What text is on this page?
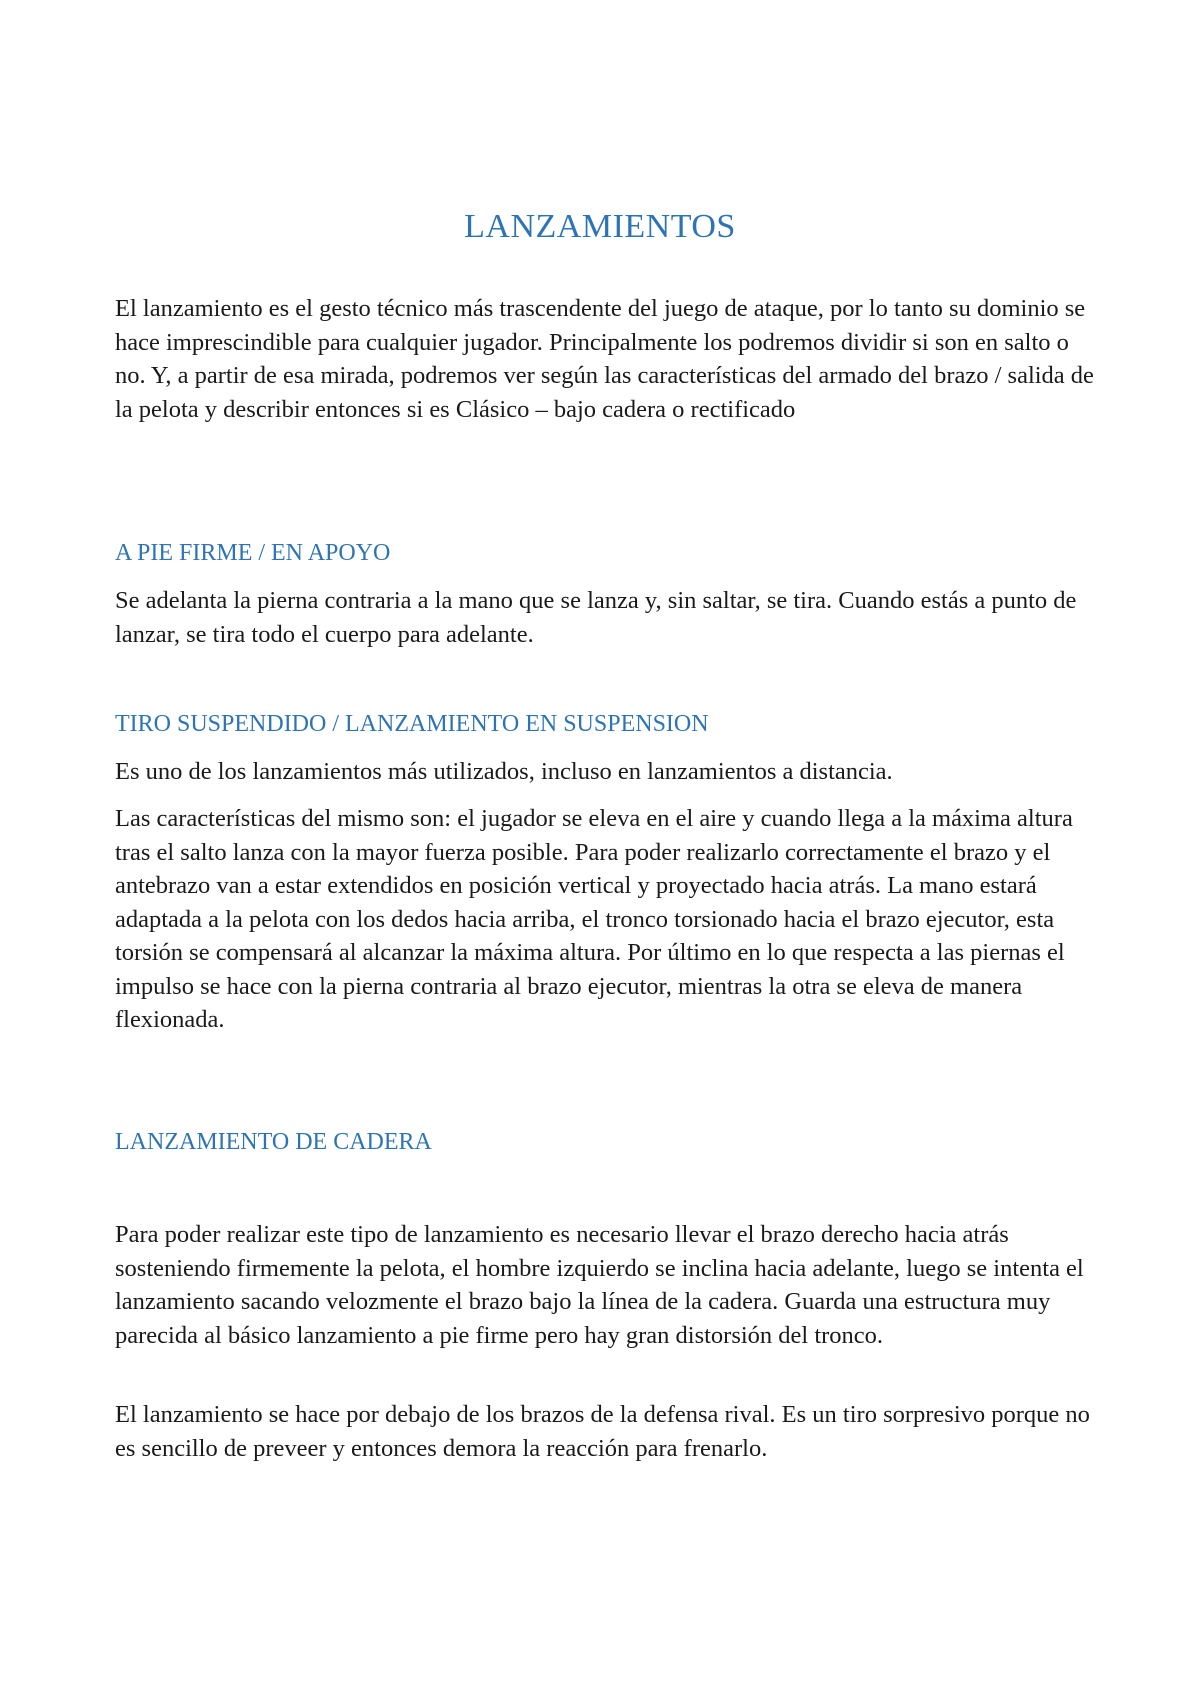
LANZAMIENTOS

El lanzamiento es el gesto técnico más trascendente del juego de ataque, por lo tanto su dominio se hace imprescindible para cualquier jugador. Principalmente los podremos dividir si son en salto o no. Y, a partir de esa mirada, podremos ver según las características del armado del brazo / salida de la pelota y describir entonces si es Clásico – bajo cadera o rectificado

A PIE FIRME / EN APOYO

Se adelanta la pierna contraria a la mano que se lanza y, sin saltar, se tira. Cuando estás a punto de lanzar, se tira todo el cuerpo para adelante.

TIRO SUSPENDIDO / LANZAMIENTO EN SUSPENSION

Es uno de los lanzamientos más utilizados, incluso en lanzamientos a distancia.

Las características del mismo son: el jugador se eleva en el aire y cuando llega a la máxima altura tras el salto lanza con la mayor fuerza posible. Para poder realizarlo correctamente el brazo y el antebrazo van a estar extendidos en posición vertical y proyectado hacia atrás. La mano estará adaptada a la pelota con los dedos hacia arriba, el tronco torsionado hacia el brazo ejecutor, esta torsión se compensará al alcanzar la máxima altura. Por último en lo que respecta a las piernas el impulso se hace con la pierna contraria al brazo ejecutor, mientras la otra se eleva de manera flexionada.

LANZAMIENTO DE CADERA

Para poder realizar este tipo de lanzamiento es necesario llevar el brazo derecho hacia atrás sosteniendo firmemente la pelota, el hombre izquierdo se inclina hacia adelante, luego se intenta el lanzamiento sacando velozmente el brazo bajo la línea de la cadera. Guarda una estructura muy parecida al básico lanzamiento a pie firme pero hay gran distorsión del tronco.

El lanzamiento se hace por debajo de los brazos de la defensa rival. Es un tiro sorpresivo porque no es sencillo de preveer y entonces demora la reacción para frenarlo.
